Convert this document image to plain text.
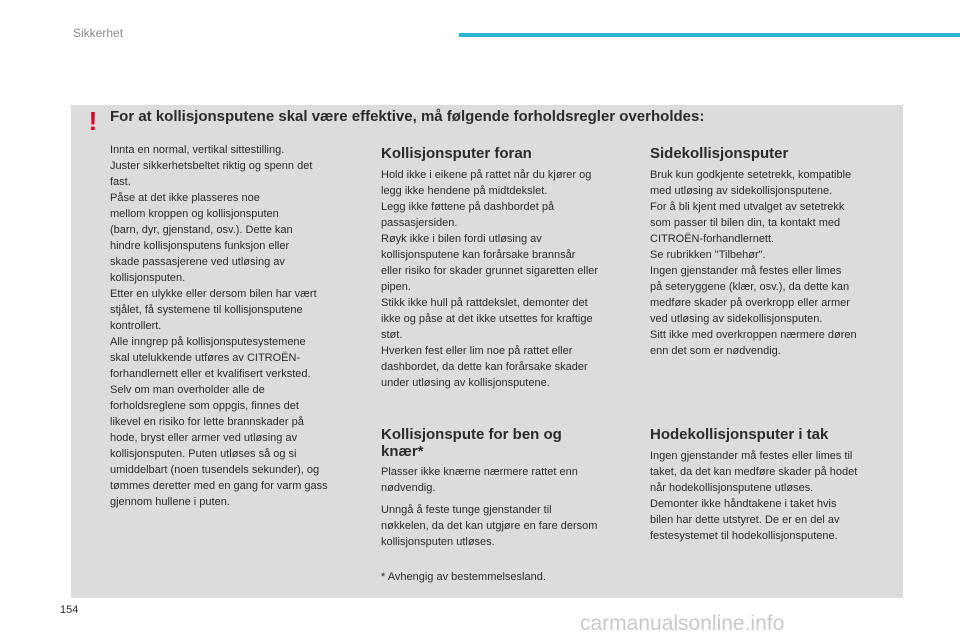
Sikkerhet
! For at kollisjonsputene skal være effektive, må følgende forholdsregler overholdes:

Innta en normal, vertikal sittestilling.

Juster sikkerhetsbeltet riktig og spenn det

fast.

Påse at det ikke plasseres noe

mellom kroppen og kollisjonsputen

(barn, dyr, gjenstand, osv.). Dette kan

hindre kollisjonsputens funksjon eller

skade passasjerene ved utløsing av

kollisjonsputen.

Etter en ulykke eller dersom bilen har vært

stjålet, få systemene til kollisjonsputene

kontrollert.

Alle inngrep på kollisjonsputesystemene

skal utelukkende utføres av CITROËN-

forhandlernett eller et kvalifisert verksted.

Selv om man overholder alle de

forholdsreglene som oppgis, finnes det

likevel en risiko for lette brannskader på

hode, bryst eller armer ved utløsing av

kollisjonsputen. Puten utløses så og si

umiddelbart (noen tusendels sekunder), og

tømmes deretter med en gang for varm gass

gjennom hullene i puten.

Kollisjonsputer foran

Hold ikke i eikene på rattet når du kjører og

legg ikke hendene på midtdekslet.

Legg ikke føttene på dashbordet på

passasjersiden.

Røyk ikke i bilen fordi utløsing av

kollisjonsputene kan forårsake brannsår

eller risiko for skader grunnet sigaretten eller

pipen.

Stikk ikke hull på rattdekslet, demonter det

ikke og påse at det ikke utsettes for kraftige

støt.

Hverken fest eller lim noe på rattet eller

dashbordet, da dette kan forårsake skader

under utløsing av kollisjonsputene.

Kollisjonspute for ben og
knær*

Plasser ikke knærne nærmere rattet enn

nødvendig.

Unngå å feste tunge gjenstander til

nøkkelen, da det kan utgjøre en fare dersom

kollisjonsputen utløses.

Sidekollisjonsputer

Bruk kun godkjente setetrekk, kompatible

med utløsing av sidekollisjonsputene.

For å bli kjent med utvalget av setetrekk

som passer til bilen din, ta kontakt med

CITROËN-forhandlernett.

Se rubrikken "Tilbehør".

Ingen gjenstander må festes eller limes

på seteryggene (klær, osv.), da dette kan

medføre skader på overkropp eller armer

ved utløsing av sidekollisjonsputen.

Sitt ikke med overkroppen nærmere døren

enn det som er nødvendig.

Hodekollisjonsputer i tak

Ingen gjenstander må festes eller limes til

taket, da det kan medføre skader på hodet

når hodekollisjonsputene utløses.

Demonter ikke håndtakene i taket hvis

bilen har dette utstyret. De er en del av

festesystemet til hodekollisjonsputene.

* Avhengig av bestemmelsesland.
154
carmanualsonline.info
